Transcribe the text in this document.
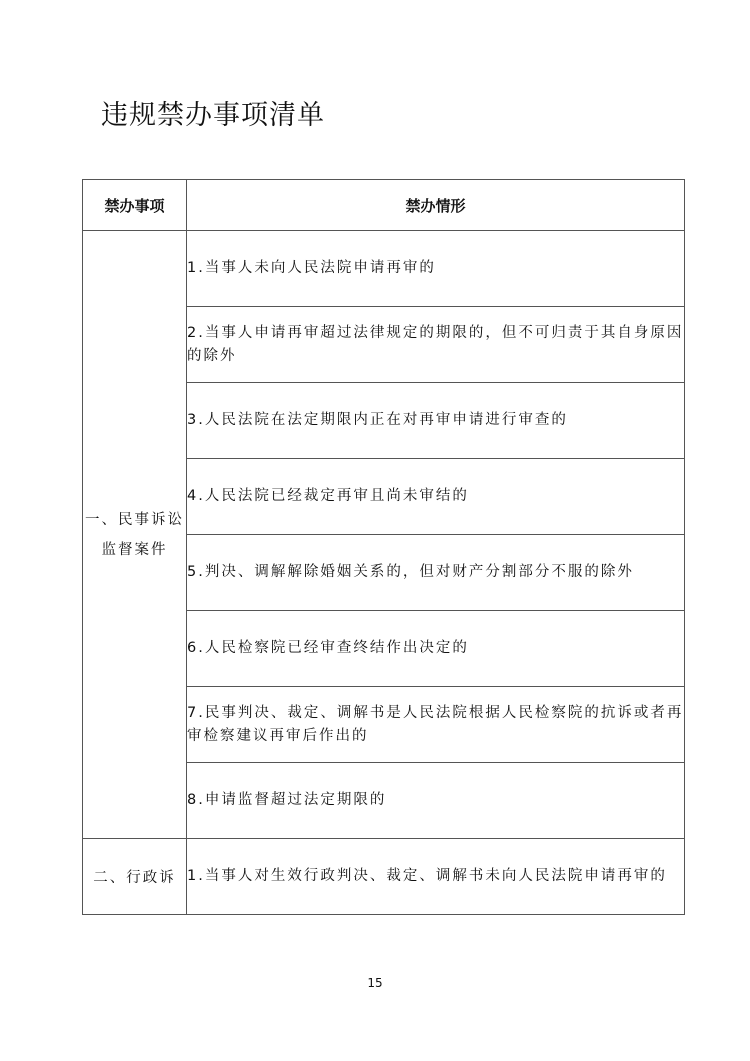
违规禁办事项清单
禁办事项	禁办情形
一、民事诉讼监督案件	1.当事人未向人民法院申请再审的
	2.当事人申请再审超过法律规定的期限的，但不可归责于其自身原因的除外
	3.人民法院在法定期限内正在对再审申请进行审查的
	4.人民法院已经裁定再审且尚未审结的
	5.判决、调解解除婚姻关系的，但对财产分割部分不服的除外
	6.人民检察院已经审查终结作出决定的
	7.民事判决、裁定、调解书是人民法院根据人民检察院的抗诉或者再审检察建议再审后作出的
	8.申请监督超过法定期限的
二、行政诉	1.当事人对生效行政判决、裁定、调解书未向人民法院申请再审的
15
